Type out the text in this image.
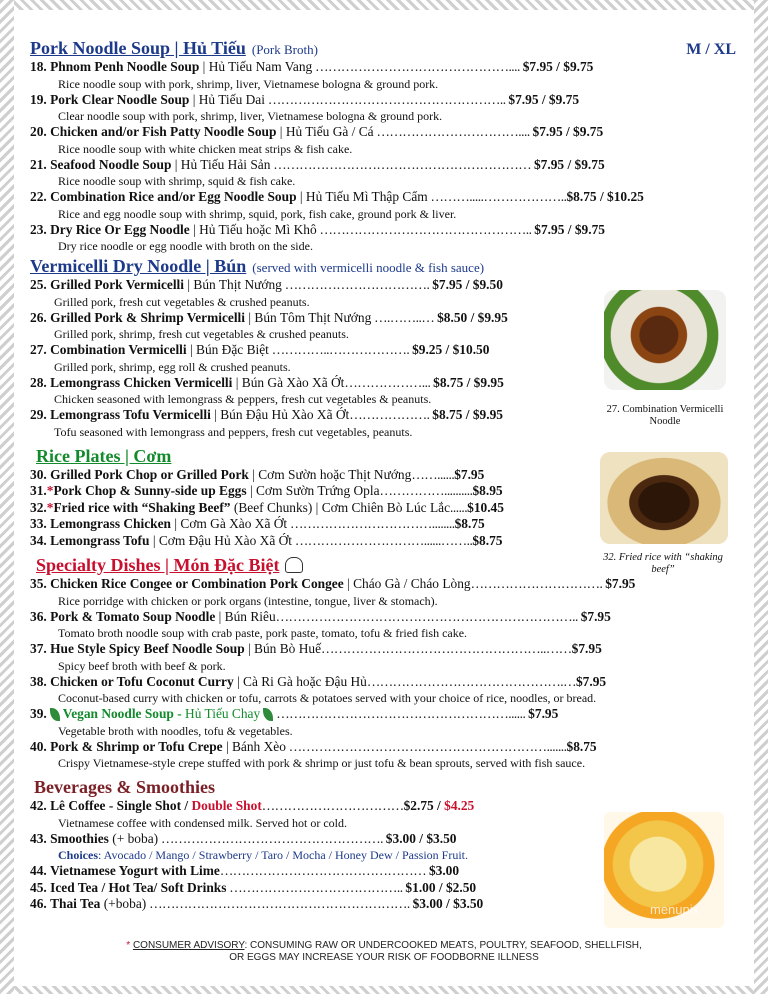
Pork Noodle Soup | Hủ Tiếu (Pork Broth)	M / XL
18. Phnom Penh Noodle Soup | Hủ Tiếu Nam Vang ……………………………………….... $7.95 / $9.75
Rice noodle soup with pork, shrimp, liver, Vietnamese bologna & ground pork.
19. Pork Clear Noodle Soup | Hủ Tiếu Dai ……………………………………………….. $7.95 / $9.75
Clear noodle soup with pork, shrimp, liver, Vietnamese bologna & ground pork.
20. Chicken and/or Fish Patty Noodle Soup | Hủ Tiếu Gà / Cá …………………………….... $7.95 / $9.75
Rice noodle soup with white chicken meat strips & fish cake.
21. Seafood Noodle Soup | Hủ Tiếu Hải Sản …………………………………………………… $7.95 / $9.75
Rice noodle soup with shrimp, squid & fish cake.
22. Combination Rice and/or Egg Noodle Soup | Hủ Tiếu Mì Thập Cẩm ……….....………………..$8.75 / $10.25
Rice and egg noodle soup with shrimp, squid, pork, fish cake, ground pork & liver.
23. Dry Rice Or Egg Noodle | Hủ Tiếu hoặc Mì Khô ………………………………………….. $7.95 / $9.75
Dry rice noodle or egg noodle with broth on the side.
Vermicelli Dry Noodle | Bún (served with vermicelli noodle & fish sauce)
25. Grilled Pork Vermicelli | Bún Thịt Nướng ……………………………. $7.95 / $9.50
Grilled pork, fresh cut vegetables & crushed peanuts.
26. Grilled Pork & Shrimp Vermicelli | Bún Tôm Thịt Nướng ….……..… $8.50 / $9.95
Grilled pork, shrimp, fresh cut vegetables & crushed peanuts.
27. Combination Vermicelli | Bún Đặc Biệt …………..………………. $9.25 / $10.50
Grilled pork, shrimp, egg roll & crushed peanuts.
28. Lemongrass Chicken Vermicelli | Bún Gà Xào Xã Ớt………………... $8.75 / $9.95
Chicken seasoned with lemongrass & peppers, fresh cut vegetables & peanuts.
29. Lemongrass Tofu Vermicelli | Bún Đậu Hủ Xào Xã Ớt………………. $8.75 / $9.95
Tofu seasoned with lemongrass and peppers, fresh cut vegetables, peanuts.
Rice Plates | Cơm
30. Grilled Pork Chop or Grilled Pork | Cơm Sườn hoặc Thịt Nướng……......$7.95
31.*Pork Chop & Sunny-side up Eggs | Cơm Sườn Trứng Opla……………..........$8.95
32.*Fried rice with “Shaking Beef” (Beef Chunks) | Cơm Chiên Bò Lúc Lắc......$10.45
33. Lemongrass Chicken | Cơm Gà Xào Xã Ớt ……………………………........$8.75
34. Lemongrass Tofu | Cơm Đậu Hủ Xào Xã Ớt …………………………......……..$8.75
Specialty Dishes | Món Đặc Biệt
35. Chicken Rice Congee or Combination Pork Congee | Cháo Gà / Cháo Lòng…………………………. $7.95
Rice porridge with chicken or pork organs (intestine, tongue, liver & stomach).
36. Pork & Tomato Soup Noodle | Bún Riêu…………………………………………………………….. $7.95
Tomato broth noodle soup with crab paste, pork paste, tomato, tofu & fried fish cake.
37. Hue Style Spicy Beef Noodle Soup | Bún Bò Huế……………………………………………..……$7.95
Spicy beef broth with beef & pork.
38. Chicken or Tofu Coconut Curry | Cà Ri Gà hoặc Đậu Hủ……………………………………….…$7.95
Coconut-based curry with chicken or tofu, carrots & potatoes served with your choice of rice, noodles, or bread.
39. Vegan Noodle Soup - Hủ Tiếu Chay ………………………………………………...... $7.95
Vegetable broth with noodles, tofu & vegetables.
40. Pork & Shrimp or Tofu Crepe | Bánh Xèo …………………………………………………….......$8.75
Crispy Vietnamese-style crepe stuffed with pork & shrimp or just tofu & bean sprouts, served with fish sauce.
Beverages & Smoothies
42. Lê Coffee - Single Shot / Double Shot……………………………$2.75 / $4.25
Vietnamese coffee with condensed milk. Served hot or cold.
43. Smoothies (+ boba) ……………………………………………. $3.00 / $3.50
Choices: Avocado / Mango / Strawberry / Taro / Mocha / Honey Dew / Passion Fruit.
44. Vietnamese Yogurt with Lime………………………………………… $3.00
45. Iced Tea / Hot Tea/ Soft Drinks ………………………………….. $1.00 / $2.50
46. Thai Tea (+boba) ……………………………………………………. $3.00 / $3.50
27. Combination Vermicelli Noodle
32. Fried rice with “shaking beef”
menupix
* CONSUMER ADVISORY: CONSUMING RAW OR UNDERCOOKED MEATS, POULTRY, SEAFOOD, SHELLFISH,
OR EGGS MAY INCREASE YOUR RISK OF FOODBORNE ILLNESS
